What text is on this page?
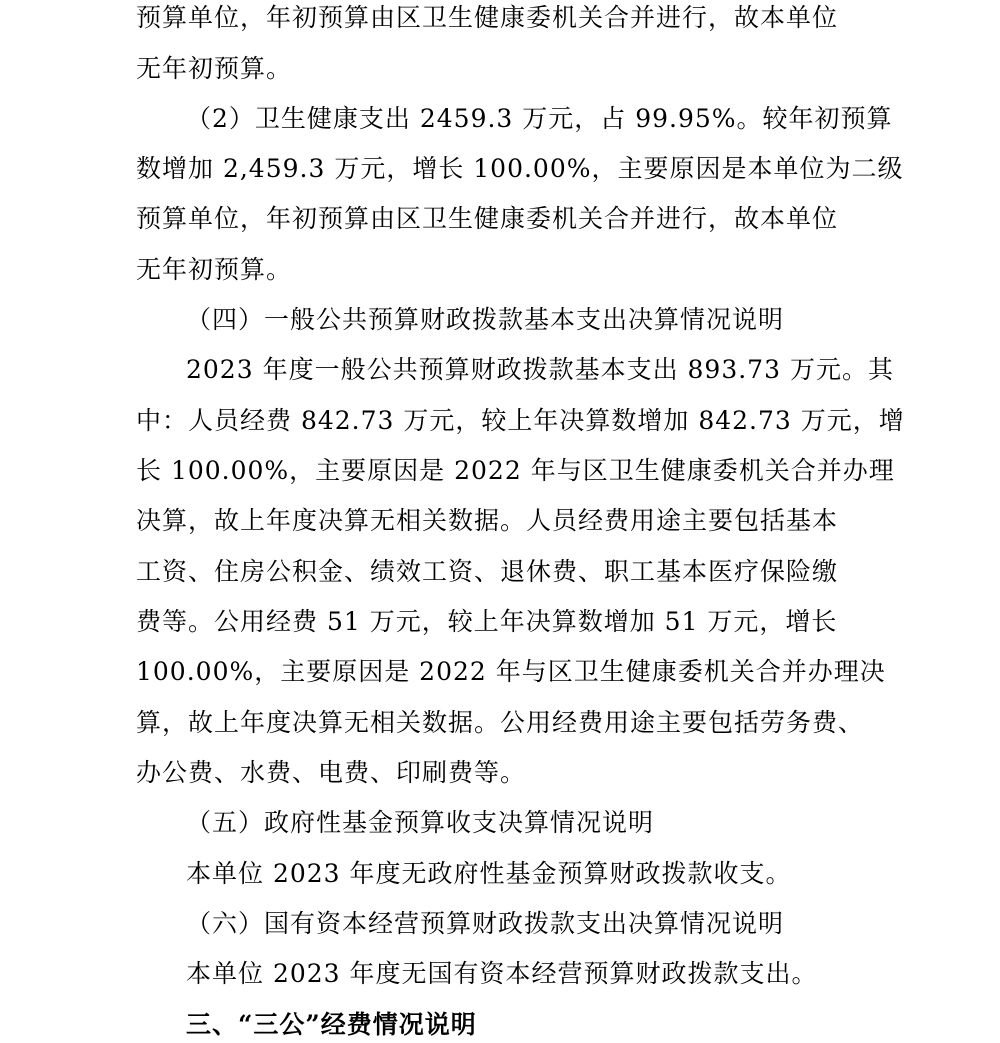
预算单位，年初预算由区卫生健康委机关合并进行，故本单位
无年初预算。
（2）卫生健康支出 2459.3 万元，占 99.95%。较年初预算
数增加 2,459.3 万元，增长 100.00%，主要原因是本单位为二级
预算单位，年初预算由区卫生健康委机关合并进行，故本单位
无年初预算。
（四）一般公共预算财政拨款基本支出决算情况说明
2023 年度一般公共预算财政拨款基本支出 893.73 万元。其
中：人员经费 842.73 万元，较上年决算数增加 842.73 万元，增
长 100.00%，主要原因是 2022 年与区卫生健康委机关合并办理
决算，故上年度决算无相关数据。人员经费用途主要包括基本
工资、住房公积金、绩效工资、退休费、职工基本医疗保险缴
费等。公用经费 51 万元，较上年决算数增加 51 万元，增长
100.00%，主要原因是 2022 年与区卫生健康委机关合并办理决
算，故上年度决算无相关数据。公用经费用途主要包括劳务费、
办公费、水费、电费、印刷费等。
（五）政府性基金预算收支决算情况说明
本单位 2023 年度无政府性基金预算财政拨款收支。
（六）国有资本经营预算财政拨款支出决算情况说明
本单位 2023 年度无国有资本经营预算财政拨款支出。
三、“三公”经费情况说明
